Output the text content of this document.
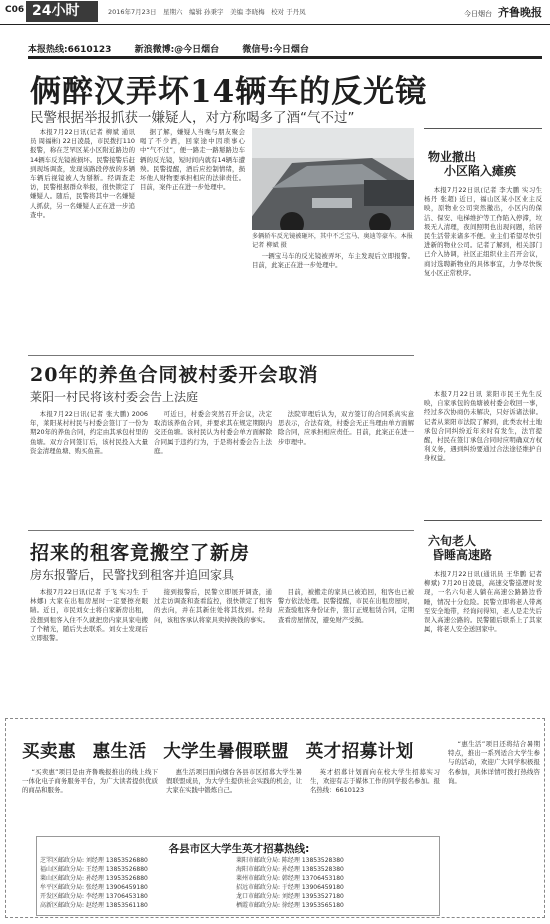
C06 24小时	2016年7月23日　星期六　编辑 孙秉宇　美编 李晓梅　校对 于丹凤	今日烟台 齐鲁晚报
本报热线:6610123	新浪微博:@今日烟台	微信号:今日烟台
俩醉汉弄坏14辆车的反光镜
民警根据举报抓获一嫌疑人，对方称喝多了酒“气不过”

本报7月22日讯(记者 柳斌 通讯员 周福彬) 22日凌晨，市民拨打110报警，称在芝罘区某小区附近路边的14辆车反光镜被损坏。民警接警后赶到现场调查，发现该路段停放的多辆车辆后视镜被人为掰断。经调查走访，民警根据群众举报，很快锁定了嫌疑人。随后，民警将其中一名嫌疑人抓获，另一名嫌疑人正在进一步追查中。

据了解，嫌疑人当晚与朋友聚会喝了不少酒，回家途中因琐事心中“气不过”，便一路走一路掰路边车辆的反光镜，短时间内就有14辆车遭殃。民警提醒，酒后应控制情绪，损坏他人财物要承担相应的法律责任。目前，案件正在进一步处理中。

多辆轿车反光镜被砸坏，其中不乏宝马、奥迪等豪车。本报记者 柳斌 摄

一辆宝马车的反光镜被弄坏，车主发现后立即报警。目前，此案正在进一步处理中。

物业撤出
小区陷入瘫痪

本报7月22日讯(记者 李大鹏 实习生 杨丹 张超) 近日，福山区某小区业主反映，原物业公司突然撤出，小区内的保洁、保安、电梯维护等工作陷入停滞，垃圾无人清理，夜间照明也出现问题，给居民生活带来诸多不便。业主们希望尽快引进新的物业公司。记者了解到，相关部门已介入协调，社区正组织业主召开会议，商讨选聘新物业的具体事宜，力争尽快恢复小区正常秩序。

20年的养鱼合同被村委开会取消
莱阳一村民将该村委会告上法庭

本报7月22日讯(记者 张大鹏) 2006年，莱阳某村村民与村委会签订了一份为期20年的养鱼合同，约定由其承包村里的鱼塘。双方合同签订后，该村民投入大量资金清理鱼塘、购买鱼苗。

可近日，村委会突然召开会议，决定取消该养鱼合同，并要求其在规定期限内交还鱼塘。该村民认为村委会单方面解除合同属于违约行为，于是将村委会告上法庭。

法院审理后认为，双方签订的合同系真实意思表示，合法有效，村委会无正当理由单方面解除合同，应承担相应责任。目前，此案正在进一步审理中。

本报7月22日讯 莱阳市民王先生反映，自家承包的鱼塘被村委会收回一事，经过多次协商仍未解决，只好诉诸法律。记者从莱阳市法院了解到，此类农村土地承包合同纠纷近年来时有发生，法官提醒，村民在签订承包合同时应明确双方权利义务，遇到纠纷要通过合法途径维护自身权益。

招来的租客竟搬空了新房
房东报警后，民警找到租客并追回家具

本报7月22日讯(记者 于飞 实习生 于林娜) 大家在出租房屋时一定要擦亮眼睛。近日，市民刘女士将自家新房出租，没想到租客入住不久就把房内家具家电搬了个精光，随后失去联系。刘女士发现后立即报警。

接到报警后，民警立即展开调查，通过走访调查和查看监控，很快锁定了租客的去向，并在其新住处将其找到。经询问，该租客承认将家具卖掉换钱的事实。

目前，被搬走的家具已被追回，租客也已被警方依法处理。民警提醒，市民在出租房屋时，应查验租客身份证件，签订正规租赁合同，定期查看房屋情况，避免财产受损。

六旬老人
昏睡高速路

本报7月22日讯(通讯员 王华鹏 记者 柳斌) 7月20日凌晨，高速交警巡逻时发现，一名六旬老人躺在高速公路路边昏睡，情况十分危险。民警立即将老人带离至安全地带，经询问得知，老人是走失后误入高速公路的。民警随后联系上了其家属，将老人安全送回家中。

买卖惠 惠生活 大学生暑假联盟 英才招募计划

“买卖惠”项目是由齐鲁晚报推出的线上线下一体化电子商务服务平台，为广大读者提供优质的商品和服务。

惠生活项目面向烟台各县市区招募大学生暑假联盟成员，为大学生提供社会实践的机会，让大家在实践中锻炼自己。

英才招募计划面向在校大学生招募实习生，欢迎有志于媒体工作的同学报名参加。报名热线：6610123

“惠生活”项目还将结合暑期特点，推出一系列适合大学生参与的活动，欢迎广大同学积极报名参加，具体详情可拨打热线咨询。

各县市区大学生英才招募热线:
芝罘区邮政分局: 刘经理 13853526880
福山区邮政分局: 王经理 13853526880
莱山区邮政分局: 孙经理 13953526880
牟平区邮政分局: 张经理 13906459180
开发区邮政分局: 李经理 13706453180
高新区邮政分局: 赵经理 13853561180
莱阳市邮政分局: 陈经理 13853528380
海阳市邮政分局: 孙经理 13853528380
莱州市邮政分局: 韩经理 13706453180
招远市邮政分局: 于经理 13906459180
龙口市邮政分局: 刘经理 13953527180
栖霞市邮政分局: 徐经理 13953565180
